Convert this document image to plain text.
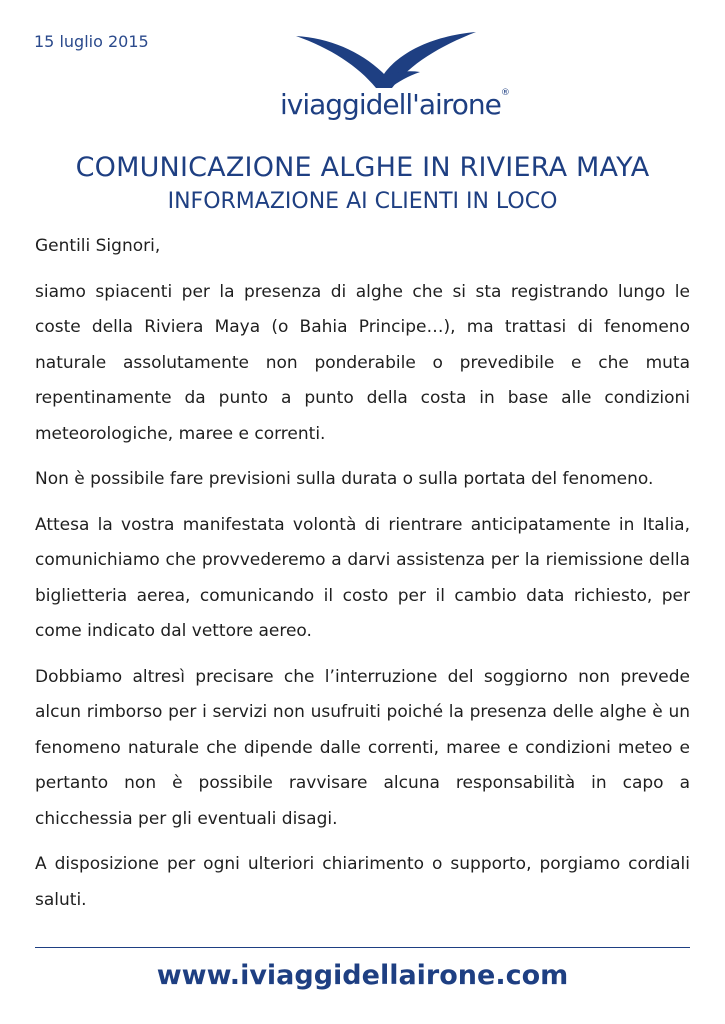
15 luglio 2015
iviaggidell'airone®
COMUNICAZIONE ALGHE IN RIVIERA MAYA
INFORMAZIONE AI CLIENTI IN LOCO

Gentili Signori,

siamo spiacenti per la presenza di alghe che si sta registrando lungo le coste della Riviera Maya (o Bahia Principe…), ma trattasi di fenomeno naturale assolutamente non ponderabile o prevedibile e che muta repentinamente da punto a punto della costa in base alle condizioni meteorologiche, maree e correnti.

Non è possibile fare previsioni sulla durata o sulla portata del fenomeno.

Attesa la vostra manifestata volontà di rientrare anticipatamente in Italia, comunichiamo che provvederemo a darvi assistenza per la riemissione della biglietteria aerea, comunicando il costo per il cambio data richiesto, per come indicato dal vettore aereo.

Dobbiamo altresì precisare che l’interruzione del soggiorno non prevede alcun rimborso per i servizi non usufruiti poiché la presenza delle alghe è un fenomeno naturale che dipende dalle correnti, maree e condizioni meteo e pertanto non è possibile ravvisare alcuna responsabilità in capo a chicchessia per gli eventuali disagi.

A disposizione per ogni ulteriori chiarimento o supporto, porgiamo cordiali saluti.

www.iviaggidellairone.com
